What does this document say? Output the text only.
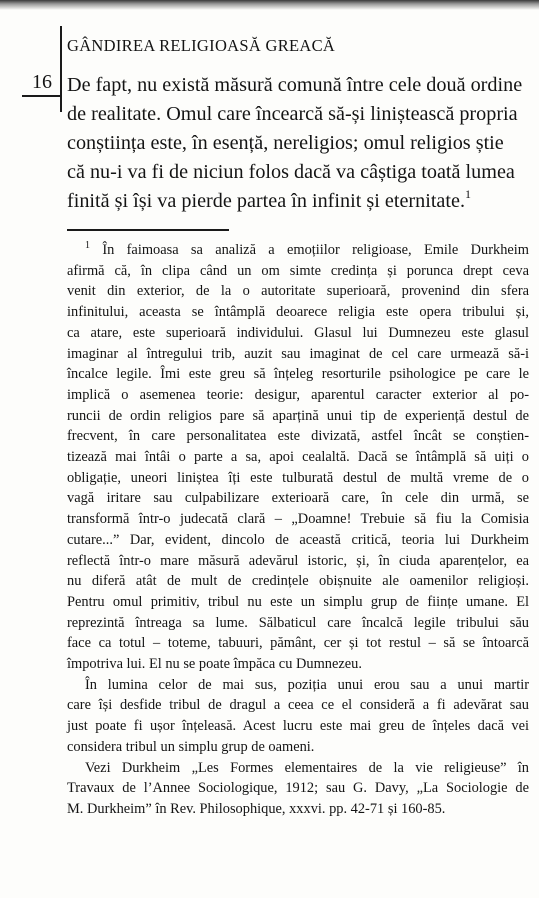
GÂNDIREA RELIGIOASĂ GREACĂ
16 De fapt, nu există măsură comună între cele două ordine
de realitate. Omul care încearcă să-și liniștească propria
conștiința este, în esență, nereligios; omul religios știe
că nu-i va fi de niciun folos dacă va câștiga toată lumea
finită și își va pierde partea în infinit și eternitate.$^1$
$^1$ În faimoasa sa analiză a emoțiilor religioase, Emile Durkheim
afirmă că, în clipa când un om simte credința și porunca drept ceva
venit din exterior, de la o autoritate superioară, provenind din sfera
infinitului, aceasta se întâmplă deoarece religia este opera tribului și,
ca atare, este superioară individului. Glasul lui Dumnezeu este glasul
imaginar al întregului trib, auzit sau imaginat de cel care urmează să-i
încalce legile. Îmi este greu să înțeleg resorturile psihologice pe care le
implică o asemenea teorie: desigur, aparentul caracter exterior al po-
runcii de ordin religios pare să aparțină unui tip de experiență destul de
frecvent, în care personalitatea este divizată, astfel încât se conștien-
tizează mai întâi o parte a sa, apoi cealaltă. Dacă se întâmplă să uiți o
obligație, uneori liniștea îți este tulburată destul de multă vreme de o
vagă iritare sau culpabilizare exterioară care, în cele din urmă, se
transformă într-o judecată clară – „Doamne! Trebuie să fiu la Comisia
cutare...” Dar, evident, dincolo de această critică, teoria lui Durkheim
reflectă într-o mare măsură adevărul istoric, și, în ciuda aparențelor, ea
nu diferă atât de mult de credințele obișnuite ale oamenilor religioși.
Pentru omul primitiv, tribul nu este un simplu grup de ființe umane. El
reprezintă întreaga sa lume. Sălbaticul care încalcă legile tribului său
face ca totul – toteme, tabuuri, pământ, cer și tot restul – să se întoarcă
împotriva lui. El nu se poate împăca cu Dumnezeu.
În lumina celor de mai sus, poziția unui erou sau a unui martir
care își desfide tribul de dragul a ceea ce el consideră a fi adevărat sau
just poate fi ușor înțeleasă. Acest lucru este mai greu de înțeles dacă vei
considera tribul un simplu grup de oameni.
Vezi Durkheim „Les Formes elementaires de la vie religieuse” în
Travaux de l’Annee Sociologique, 1912; sau G. Davy, „La Sociologie de
M. Durkheim” în Rev. Philosophique, xxxvi. pp. 42-71 și 160-85.
